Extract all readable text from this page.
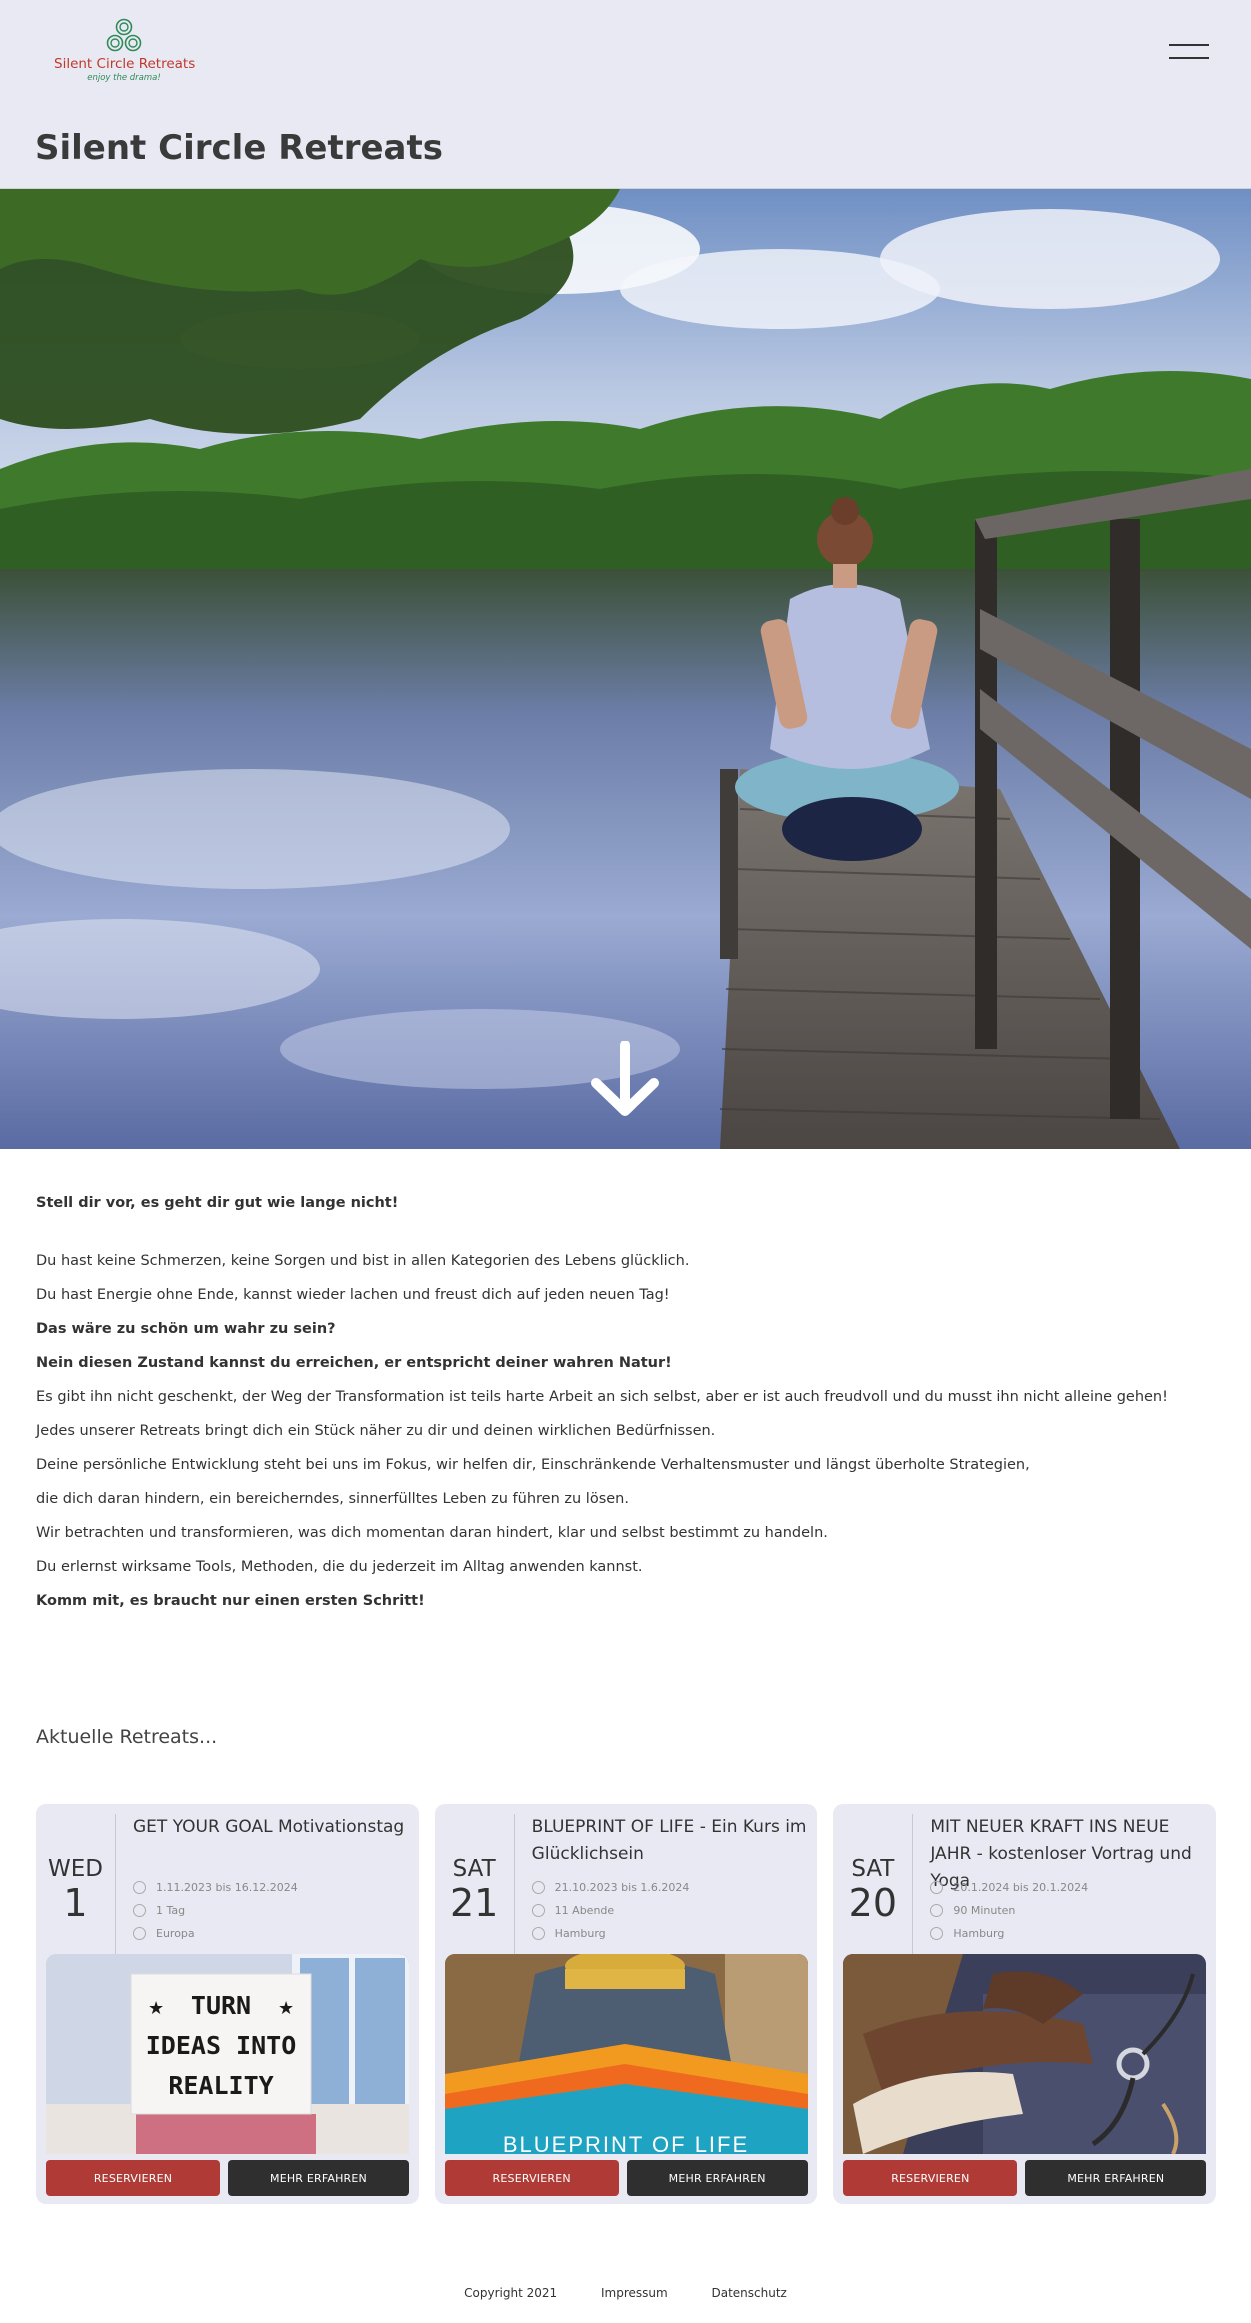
Silent Circle Retreats
enjoy the drama!
Silent Circle Retreats

Stell dir vor, es geht dir gut wie lange nicht!

Du hast keine Schmerzen, keine Sorgen und bist in allen Kategorien des Lebens glücklich.

Du hast Energie ohne Ende, kannst wieder lachen und freust dich auf jeden neuen Tag!

Das wäre zu schön um wahr zu sein?

Nein diesen Zustand kannst du erreichen, er entspricht deiner wahren Natur!

Es gibt ihn nicht geschenkt, der Weg der Transformation ist teils harte Arbeit an sich selbst, aber er ist auch freudvoll und du musst ihn nicht alleine gehen!

Jedes unserer Retreats bringt dich ein Stück näher zu dir und deinen wirklichen Bedürfnissen.

Deine persönliche Entwicklung steht bei uns im Fokus, wir helfen dir, Einschränkende Verhaltensmuster und längst überholte Strategien,

die dich daran hindern, ein bereicherndes, sinnerfülltes Leben zu führen zu lösen.

Wir betrachten und transformieren, was dich momentan daran hindert, klar und selbst bestimmt zu handeln.

Du erlernst wirksame Tools, Methoden, die du jederzeit im Alltag anwenden kannst.

Komm mit, es braucht nur einen ersten Schritt!

Aktuelle Retreats...
WED
1
GET YOUR GOAL Motivationstag
1.11.2023 bis 16.12.2024
1 Tag
Europa
TURN
IDEAS INTO
REALITY
★	★
RESERVIEREN	MEHR ERFAHREN
SAT
21
BLUEPRINT OF LIFE - Ein Kurs im Glücklichsein
21.10.2023 bis 1.6.2024
11 Abende
Hamburg
BLUEPRINT OF LIFE
RESERVIEREN	MEHR ERFAHREN
SAT
20
MIT NEUER KRAFT INS NEUE JAHR - kostenloser Vortrag und Yoga
20.1.2024 bis 20.1.2024
90 Minuten
Hamburg
RESERVIEREN	MEHR ERFAHREN
Copyright 2021	Impressum	Datenschutz
